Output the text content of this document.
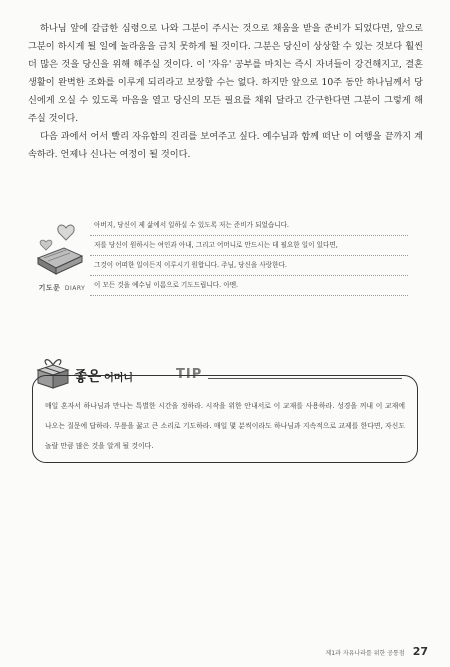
하나님 앞에 갈급한 심령으로 나와 그분이 주시는 것으로 채움을 받을 준비가 되었다면, 앞으로 그분이 하시게 될 일에 놀라움을 금치 못하게 될 것이다. 그분은 당신이 상상할 수 있는 것보다 훨씬 더 많은 것을 당신을 위해 해주실 것이다. 이 '자유' 공부를 마치는 즉시 자녀들이 강건해지고, 결혼 생활이 완벽한 조화를 이루게 되리라고 보장할 수는 없다. 하지만 앞으로 10주 동안 하나님께서 당신에게 오실 수 있도록 마음을 열고 당신의 모든 필요를 채워 달라고 간구한다면 그분이 그렇게 해주실 것이다.

다음 과에서 어서 빨리 자유함의 진리를 보여주고 싶다. 예수님과 함께 떠난 이 여행을 끝까지 계속하라. 언제나 신나는 여정이 될 것이다.

기도문 DIARY
아버지, 당신이 제 삶에서 일하실 수 있도록 저는 준비가 되었습니다.
저를 당신이 원하시는 여인과 아내, 그리고 어머니로 만드시는 데 필요한 일이 있다면,
그것이 어떠한 일이든지 이루시기 원합니다. 주님, 당신을 사랑한다.
이 모든 것을 예수님 이름으로 기도드립니다. 아멘.
좋은 어머니	TIP

매일 혼자서 하나님과 만나는 특별한 시간을 정하라. 시작을 위한 안내서로 이 교재를 사용하라. 성경을 꺼내 이 교재에 나오는 질문에 답하라. 무릎을 꿇고 큰 소리로 기도하라. 매일 몇 분씩이라도 하나님과 지속적으로 교제를 한다면, 자신도 놀랄 만큼 많은 것을 알게 될 것이다.

제1과 자유나라를 위한 공통점 27
